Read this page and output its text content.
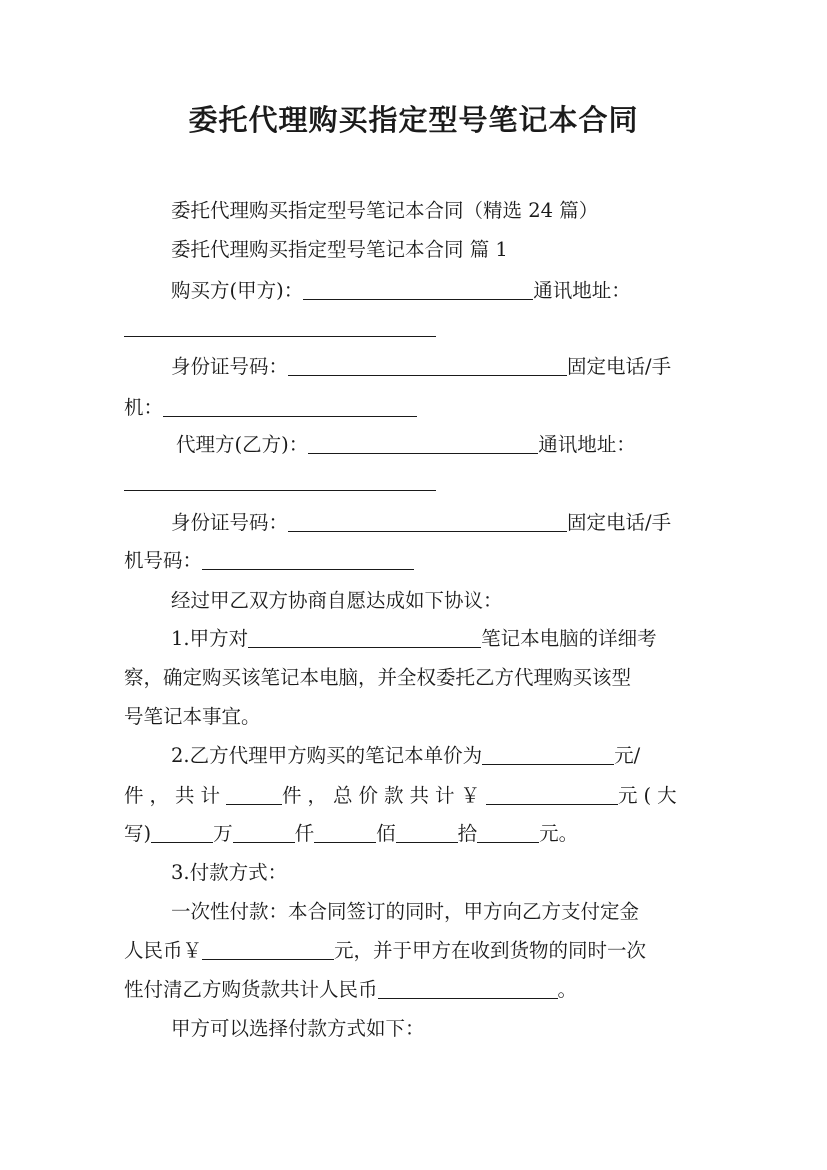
委托代理购买指定型号笔记本合同
委托代理购买指定型号笔记本合同（精选 24 篇）
委托代理购买指定型号笔记本合同 篇 1
购买方(甲方)：	通讯地址：
身份证号码：	固定电话/手
机：
代理方(乙方)：	通讯地址：
身份证号码：	固定电话/手
机号码：
经过甲乙双方协商自愿达成如下协议：
1.甲方对	笔记本电脑的详细考
察，确定购买该笔记本电脑，并全权委托乙方代理购买该型
号笔记本事宜。
2.乙方代理甲方购买的笔记本单价为	元/
件，共计	件，总价款共计￥	元(大
写)	万	仟	佰	拾	元。
3.付款方式：
一次性付款：本合同签订的同时，甲方向乙方支付定金
人民币￥	元，并于甲方在收到货物的同时一次
性付清乙方购货款共计人民币	。
甲方可以选择付款方式如下：
